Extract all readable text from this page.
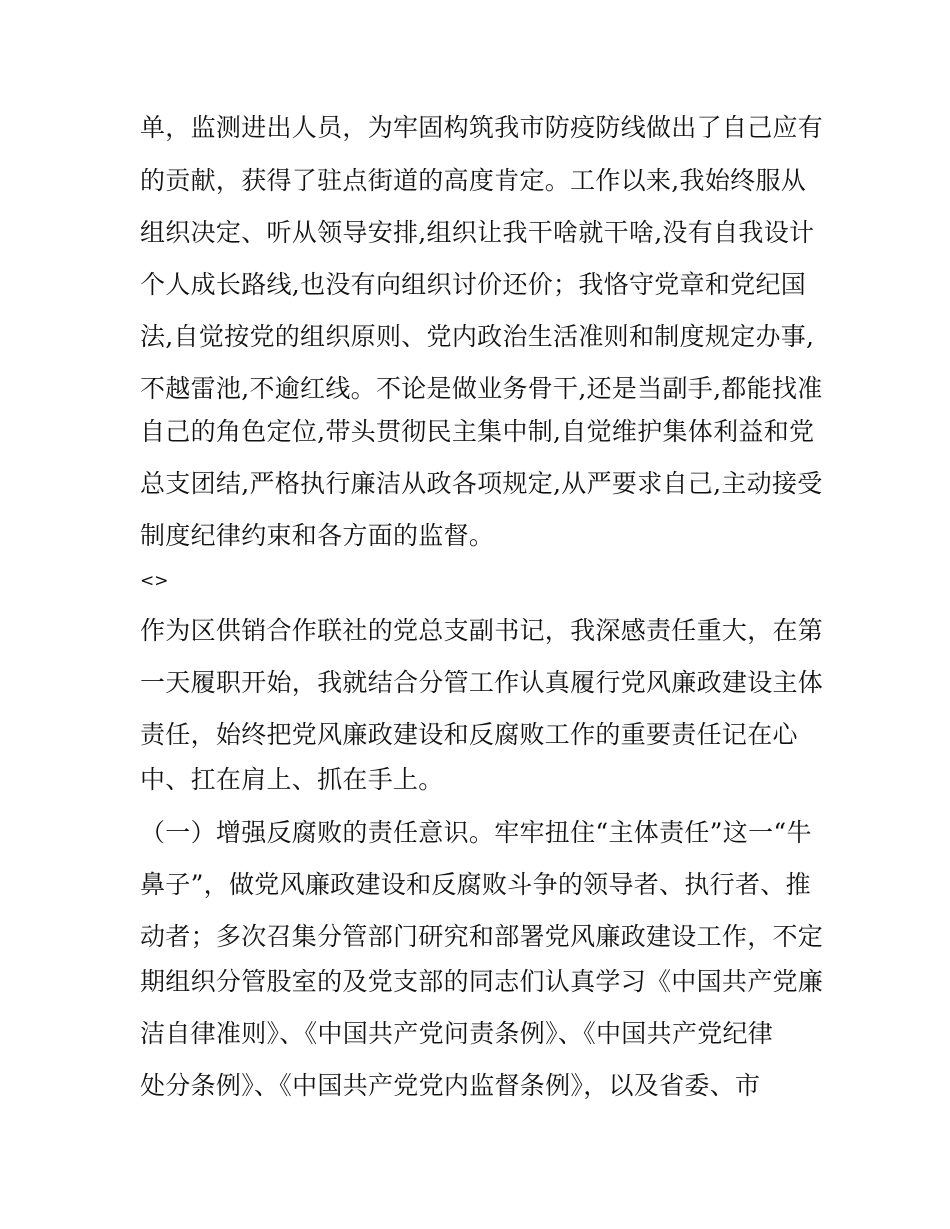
单，监测进出人员，为牢固构筑我市防疫防线做出了自己应有
的贡献，获得了驻点街道的高度肯定。工作以来,我始终服从
组织决定、听从领导安排,组织让我干啥就干啥,没有自我设计
个人成长路线,也没有向组织讨价还价；我恪守党章和党纪国
法,自觉按党的组织原则、党内政治生活准则和制度规定办事,
不越雷池,不逾红线。不论是做业务骨干,还是当副手,都能找准
自己的角色定位,带头贯彻民主集中制,自觉维护集体利益和党
总支团结,严格执行廉洁从政各项规定,从严要求自己,主动接受
制度纪律约束和各方面的监督。
<>
作为区供销合作联社的党总支副书记，我深感责任重大，在第
一天履职开始，我就结合分管工作认真履行党风廉政建设主体
责任，始终把党风廉政建设和反腐败工作的重要责任记在心
中、扛在肩上、抓在手上。
（一）增强反腐败的责任意识。牢牢扭住“主体责任”这一“牛
鼻子”，做党风廉政建设和反腐败斗争的领导者、执行者、推
动者；多次召集分管部门研究和部署党风廉政建设工作，不定
期组织分管股室的及党支部的同志们认真学习《中国共产党廉
洁自律准则》、《中国共产党问责条例》、《中国共产党纪律
处分条例》、《中国共产党党内监督条例》，以及省委、市
